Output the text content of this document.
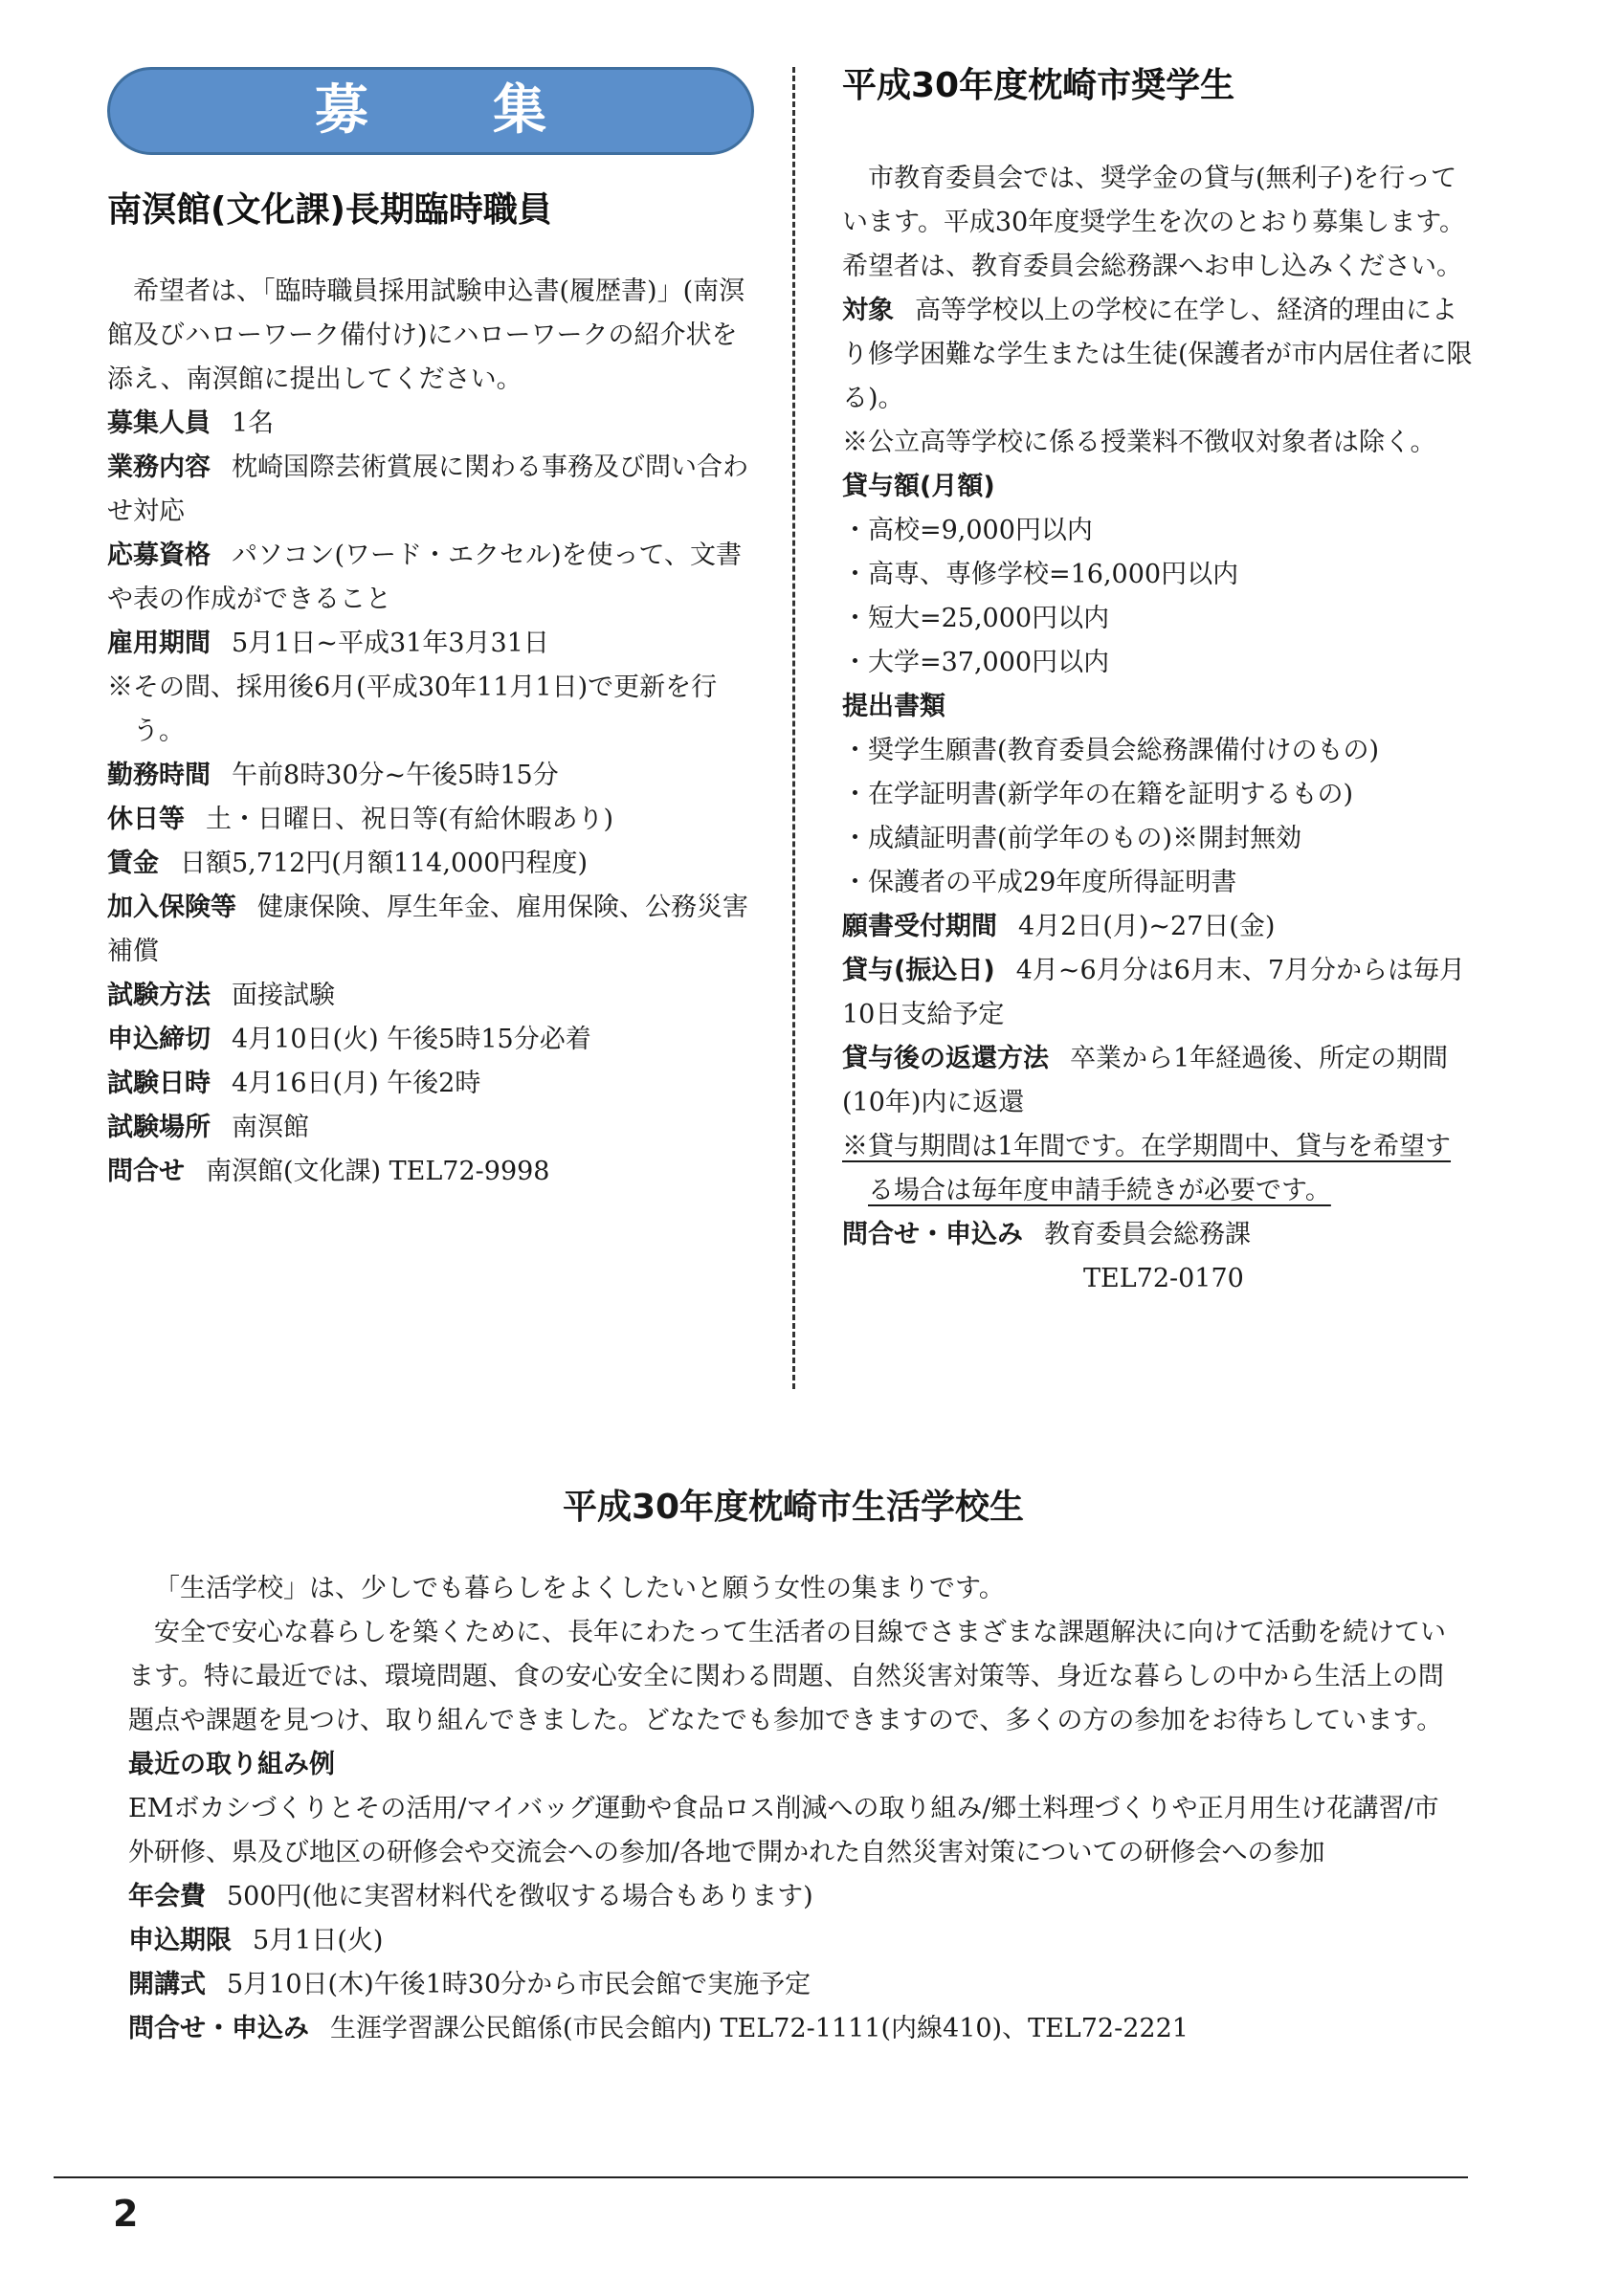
募集
南溟館(文化課)長期臨時職員

希望者は、「臨時職員採用試験申込書(履歴書)」(南溟館及びハローワーク備付け)にハローワークの紹介状を添え、南溟館に提出してください。

募集人員 1名

業務内容 枕崎国際芸術賞展に関わる事務及び問い合わせ対応

応募資格 パソコン(ワード・エクセル)を使って、文書や表の作成ができること

雇用期間 5月1日~平成31年3月31日

※その間、採用後6月(平成30年11月1日)で更新を行う。

勤務時間 午前8時30分~午後5時15分

休日等 土・日曜日、祝日等(有給休暇あり)

賃金 日額5,712円(月額114,000円程度)

加入保険等 健康保険、厚生年金、雇用保険、公務災害補償

試験方法 面接試験

申込締切 4月10日(火) 午後5時15分必着

試験日時 4月16日(月) 午後2時

試験場所 南溟館

問合せ 南溟館(文化課) TEL72-9998

平成30年度枕崎市奨学生

市教育委員会では、奨学金の貸与(無利子)を行っています。平成30年度奨学生を次のとおり募集します。希望者は、教育委員会総務課へお申し込みください。

対象 高等学校以上の学校に在学し、経済的理由により修学困難な学生または生徒(保護者が市内居住者に限る)。

※公立高等学校に係る授業料不徴収対象者は除く。

貸与額(月額)

・高校=9,000円以内

・高専、専修学校=16,000円以内

・短大=25,000円以内

・大学=37,000円以内

提出書類

・奨学生願書(教育委員会総務課備付けのもの)

・在学証明書(新学年の在籍を証明するもの)

・成績証明書(前学年のもの)※開封無効

・保護者の平成29年度所得証明書

願書受付期間 4月2日(月)~27日(金)

貸与(振込日) 4月~6月分は6月末、7月分からは毎月10日支給予定

貸与後の返還方法 卒業から1年経過後、所定の期間(10年)内に返還

※貸与期間は1年間です。在学期間中、貸与を希望する場合は毎年度申請手続きが必要です。

問合せ・申込み 教育委員会総務課

TEL72-0170

平成30年度枕崎市生活学校生

「生活学校」は、少しでも暮らしをよくしたいと願う女性の集まりです。

安全で安心な暮らしを築くために、長年にわたって生活者の目線でさまざまな課題解決に向けて活動を続けています。特に最近では、環境問題、食の安心安全に関わる問題、自然災害対策等、身近な暮らしの中から生活上の問題点や課題を見つけ、取り組んできました。どなたでも参加できますので、多くの方の参加をお待ちしています。

最近の取り組み例

EMボカシづくりとその活用/マイバッグ運動や食品ロス削減への取り組み/郷土料理づくりや正月用生け花講習/市外研修、県及び地区の研修会や交流会への参加/各地で開かれた自然災害対策についての研修会への参加

年会費 500円(他に実習材料代を徴収する場合もあります)

申込期限 5月1日(火)

開講式 5月10日(木)午後1時30分から市民会館で実施予定

問合せ・申込み 生涯学習課公民館係(市民会館内) TEL72-1111(内線410)、TEL72-2221

2
